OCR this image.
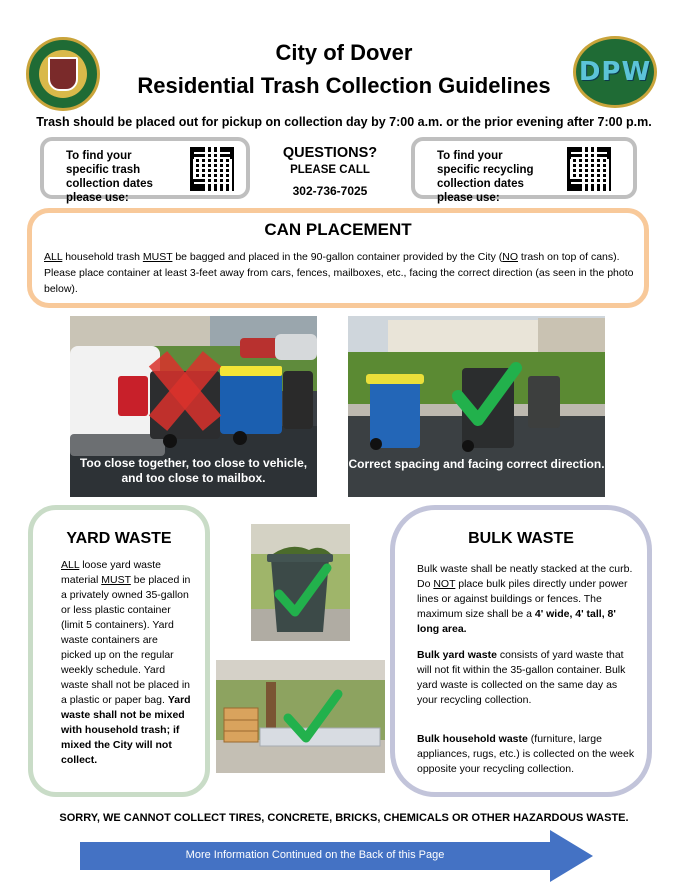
DPW
City of Dover
Residential Trash Collection Guidelines
Trash should be placed out for pickup on collection day by 7:00 a.m. or the prior evening after 7:00 p.m.
To find your specific trash collection dates please use:
QUESTIONS?
PLEASE CALL
302-736-7025
To find your specific recycling collection dates please use:
CAN PLACEMENT

ALL household trash MUST be bagged and placed in the 90-gallon container provided by the City (NO trash on top of cans). Please place container at least 3-feet away from cars, fences, mailboxes, etc., facing the correct direction (as seen in the photo below).

Too close together, too close to vehicle, and too close to mailbox.
Correct spacing and facing correct direction.
YARD WASTE

ALL loose yard waste material MUST be placed in a privately owned 35-gallon or less plastic container (limit 5 containers). Yard waste containers are picked up on the regular weekly schedule. Yard waste shall not be placed in a plastic or paper bag. Yard waste shall not be mixed with household trash; if mixed the City will not collect.

BULK WASTE

Bulk waste shall be neatly stacked at the curb. Do NOT place bulk piles directly under power lines or against buildings or fences. The maximum size shall be a 4' wide, 4' tall, 8' long area.

Bulk yard waste consists of yard waste that will not fit within the 35-gallon container. Bulk yard waste is collected on the same day as your recycling collection.

Bulk household waste (furniture, large appliances, rugs, etc.) is collected on the week opposite your recycling collection.

SORRY, WE CANNOT COLLECT TIRES, CONCRETE, BRICKS, CHEMICALS OR OTHER HAZARDOUS WASTE.
More Information Continued on the Back of this Page
